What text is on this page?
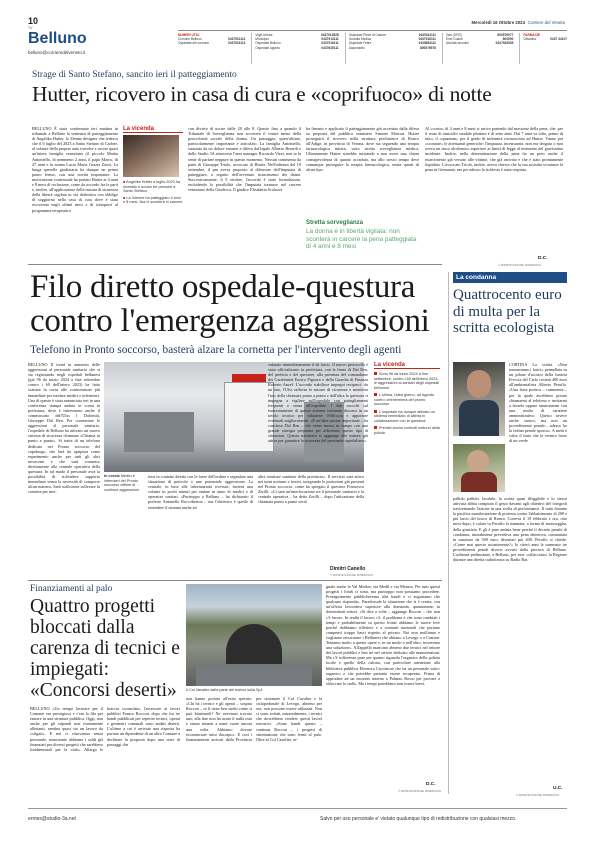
10
TV
Mercoledì 16 Ottobre 2024 Corriere del Veneto
Belluno
belluno@corrieredelveneto.it
NUMERI UTILI
Comune Belluno	0437913111
Ospedale del comune	0437516111
Vigili Urbani	0437913528
Municipio	0437913111
Ospedale Belluno	0437516111
Ospedale Agordo	0437645111
Ospedale Pieve di Cadore	0435341111
Guardia Medica	0437516111
Ospedale Feltre	0439883111
Acquedotto	800576578
Gas (GRS)	800576577
Enel Guasti	803500
Alcolisti anonimi	0437943535
FARMACIE
Cittadina	0437 34107
Strage di Santo Stefano, sancito ieri il patteggiamento
Hutter, ricovero in casa di cura e «coprifuoco» di notte
BELLUNO È stata confermata ieri mattina in tribunale a Belluno la sentenza di patteggiamento di Angelika Hutter, la 33enne designer che tedesca che il 6 luglio del 2023 a Santo Stefano di Cadore, al volante della propria auto travolse e uccise quasi un'intera famiglia veneziana (il piccolo Mattia Antoniello, di nemmeno 2 anni, il papà Marco, di 47 anni e la nonna Lucia Maria Grazia Zuin). La lunga querelle giudiziaria ha dunque un primo punto fermo, con una novità importante. La motivazione contestuale ha portato Hutter ai 4 anni e 8 mesi di reclusione, come da accordo fra le parti e, inoltre, all'applicazione della misura di sicurezza della libertà vigilata in via definitiva con obbligo di soggiorno nella casa di cura dove è stata ricoverata negli ultimi mesi e di sottoporsi al programma terapeutico
La vicenda
■ Angelika Hutter a luglio 2023 ha investito e ucciso tre persone a Santo Stefano
■ La 34enne ha patteggiato 4 anni e 8 mesi. Non li sconterà in carcere
con divieto di uscire dalle 20 alle 8. Questo fino a quando il Tribunale di Sorveglianza non accerterà il venire meno della pericolosità sociale della donna. Un passaggio, quest'ultimo, particolarmente importante e articolato. La famiglia Antoniello, straziata da un dolore enorme e difesa dal legale Alberto Berardi e dallo Studio 3A attraverso l'area manager Riccardo Vizzi, non se la sente di parlare neppure in questo momento. Nessun commento da parte di Giuseppe Triolo, avvocato di Hutter. Nell'udienza del 10 settembre, il pm aveva proposto al difensore dell'imputata di patteggiare, a seguito dell'avvenuto risarcimento dei danni. Successivamente, il 9 ottobre, l'accordo è stato formalizzato, escludendo la possibilità che l'imputata tornasse nel carcere veneziano della Giudecca. Il giudice Elisabetta Scolozzi
ha firmato e applicato il patteggiamento già accettato dalla difesa su proposta del pubblico ministero Simone Marcon. Hutter proseguirà il ricovero nella struttura psichiatrica di Ronco all'Adige, in provincia di Verona, dove sta seguendo una terapia farmacologica mirata, sotto stretta sorveglianza medica. Ultimamente Hutter starebbe iniziando a non avere una chiara consapevolezza di quanto accaduto, ma allo stesso tempo deve comunque proseguire la terapia farmacologica, senza quarti di alcun tipo.
Strettа sorveglianza
La donna è in libertà vigilata: non sconterà in carcere la pena patteggiata di 4 anni e 8 mesi
Al «conto» di 4 anni e 8 mesi si arriva partendo dal massimo della pena, che, per il reato di omicidio stradale plurimo è di sette anni. Dai 7 anni va tolto, primo di tutto, il «quantum» per il grado di infermità riconosciuto ad Hutter. Vanno poi «scontate» le attenuanti generiche: l'imputata, incensurata, non era drogata o non aveva un tasso alcolemico superiore ai limiti di legge al momento del gravissimo incidente. Inoltre, nella determinazione della pena ha un peso anche il risarcimento già versato alle vittime, che già arrivato e che è stato prontamente liquidato. L'avvocato Triolo, inoltre, aveva chiesto che la sua assistita scontasse la pena in Germania, ma per adesso la richiesta è stata respinta.
D.C.
© RIPRODUZIONE RISERVATA
Filo diretto ospedale-questura
contro l'emergenza aggressioni
Telefono in Pronto soccorso, basterà alzare la cornetta per l'intervento degli agenti
BELLUNO Il trend in aumento delle aggressioni al personale sanitario che si sta registrando negli ospedali bellunesi (già 96 da inizio 2024 a fine settembre contro i 69 dell'intero 2023) ha fatto scattare la corsa alle contromisure più immediate per tutelare medici e infermieri. Una di queste è stata annunciata ieri in una conferenza stampa andata in scena in prefettura, dove è intervenuto anche il commissario dell'Ulss 1 Dolomiti, Giuseppe Dal Ben. Per contrastare le aggressioni al personale sanitario, l'ospedale di Belluno ha attivato un nuovo sistema di sicurezza chiamato «Chiama tu punto a punto». Si tratta di un telefono dedicato nel Pronto soccorso del capoluogo, che farà da apripista come esperimento anche per tutti gli altri nosocomi e che sarà connesso direttamente alla centrale operativa della questura. In tal modo il personale avrà la possibilità di richiedere supporto immediato senza la necessità di comporre alcun numero. Sarà sufficiente sollevare la cornetta per met-
In corsia Medici e infermieri del Pronto soccorso vittime di continue aggressioni
tersi in contatto diretto con le forze dell'ordine e segnalare una situazione di pericolo o una potenziale aggressione. La centrale, in base alle informazioni ricevute, invierà una volante in pochi minuti per andare in aiuto di medici e di operatori sanitari. «Purtroppo a Belluno – ha dichiarato il prefetto Antonello Roccoberton – ma l'obiettivo è quello di estendere il sistema anche ad
altre strutture sanitarie della provincia». Il servizio sarà attivo nei turni notturni e festivi, integrando le protezioni già presenti nel Pronto soccorso, come ha spiegato il questore Francesco Zerilli: «Ci sarà un'interlocuzione tra il personale sanitario e la centrale operativa – ha detto Zerilli – dopo l'attivazione della chiamata punto a punto verrà
valutato immediatamente il da farsi». Il nuovo protocollo è stato ufficializzato in prefettura, con la firma di Dal Ben, del prefetto e del questore, alla presenza del comandante dei Carabinieri Enrico Pigozzo e della Guardia di Finanza Roberto Anzel. L'accordo stabilisce impegni reciproci: da un lato, l'Ulss rafforza le misure di sicurezza e monitora l'uso della chiamata punto a punto e dall'altra la questura si impegna a vigilare sull'ospedale con pattugliamenti frequenti e senza all'ospedale. I dati raccolti sul funzionamento di questo sistema verranno discussi in un tavolo tecnico per valutarne l'efficacia e apportare eventuali miglioramenti. «È un'altra azione importante – ha concluso Dal Ben – che viene messa in campo con una grande sinergia preparata per affrontare questo tipo di situazioni. Questa iniziativa si aggiunge alle misure già attive per garantire la sicurezza del personale ospedaliero».
La vicenda
Sono 96 da inizio 2024 a fine settembre, contro i 69 dell'intero 2023, le aggressioni ai sanitari degli ospedali bellunesi
L'ultima, l'altra giorno, ad Agordo contro un'infermiera del pronto soccorso
L'ospedale ha dunque attivato un sistema immediato di allerta in collaborazione con la questura
Previsti anche controlli notturni della polizia
Dimitri Canello
© RIPRODUZIONE RISERVATA
Finanziamenti al palo
Quattro progetti bloccati dalla carenza di tecnici e impiegati: «Concorsi deserti»
BELLUNO «Un tempo lavorare per il Comune era prestigioso e c'era la fila per entrare in una struttura pubblica. Oggi, non anche per gli stipendi non esattamente allettanti, sembra quasi sia un lavoro da «sfigati». E noi ci ritroviamo senza personale, nonostante abbiamo i soldi già finanziati per diversi progetti che sarebbero fondamentali per la città». Allarga le braccia sconsolato, l'assessore ai lavori pubblici Franco Roccon, dopo che fra tre bandi pubblicati per reperire tecnici, operai e geometri comunali sono andati deserti. L'ultimo a cui è arrivato una risposta ha portato un dipendente di un altro Comune a declinare la proposta dopo una serie di passaggi che
Il Col Vavalier dalla parte del traforo sulla Sp1
non hanno portato all'esito sperato: «Chi ha i tecnici e gli operai – sospira Roccon – se li tiene ben stretti come si può biasimarli? Ne avevamo trovato uno, alla fine non ha avuto il nulla osta e siamo rimasti a mani vuote ancora una volta. Abbiamo dovuto ricominciare tutto daccapo». E così i finanziamenti arrivati dalla Provincia per sistemare il Col Cavalier e la ciclopedonale di Levego, almeno per ora, non possono essere utilizzati. Non ci sono, infatti, materialmente, i tecnici che dovrebbero rendere questi lavori esecutivi. «Sono bandi questo – continua Roccon – i progetti di sistemazione che sono fermi al palo. Oltre al Col Cavalier, se-
gnalo anche la Val Medon, via Medil e via Meassa. Per tutti questi progetti i fondi ci sono, ma purtroppo non possiamo procedere. Proseguimento pubblicheremo altri bandi e ci auguriamo che qualcuno risponda». Paradossale la situazione che si è creata, con un'offerta lavorativa superiore alla domanda, quantomeno in determinati settori. «Si dice a volte – aggiunge Roccon – che non c'è lavoro. In realtà il lavoro c'è, il problema è che sono cambiati i tempi e probabilmente su questo fronte abbiamo le nuove leve perché dobbiamo riflettere e a contratti nazionali che portano compensi troppo bassi rispetto al privato. Noi non molliamo e vogliamo rassicurare i Bellunesi che abitano a Levego o a Castion. Teniamo molto a queste opere e, in un modo o nell'altro, troveremo una soluzione». All'appello mancano almeno due tecnici nel settore dei lavori pubblici e ben tre nel settore dedicato alle manutenzioni. Ma c'è sofferenza pure per quanto riguarda l'organico della polizia locale e quello della cultura, con particolare attenzione alla biblioteca pubblica Eleonora Cacciatore che ha un personale sotto-organico e che potrebbe pertanto essere recuperato. Prima di approdare ad un incontro interno a Palazzo Rosso per provare a sbloccare lo stallo. Ma i tempi potrebbero non essere brevi.
D.C.
© RIPRODUZIONE RISERVATA
La condanna
Quattrocento euro di multa per la scritta ecologista
CORTINA La scritta «Non tomneranno i larici» pennellata su un pilone d'acciaio della funivia Freccia del Cielo costerà 400 euro all'ambientalista Alberto Peruffo. «Una frase poetica – commenta – per la quale avrebbero potuto chiamarmi al telefono e invitarmi a lavarla oppure sanzionarmi con una multa di carattere amministrativo. Questo invece anche stanco, ma non un procedimento penale... adesso ho la fedina penale sporca». A metà e valso il furto che la vernice fosse di un verde
pallido pallido, lavabile, la scritta quasi illeggibile e lo stesso attivista abbia compiuto il gesto davanti agli obiettivi del fotografi trasformando l'azione in una scelta di performance. Il tutto durante la pacifica manifestazione di protesta contro l'abbattimento di 200 e più larici del bosco di Ronco. Correva il 19 febbraio e ora, otto mesi dopo, è calata su Peruffo la mannaia, a forma di motoseggha, della giustizia. E gli è pure andata bene perché il decreto penale di condanna, inizialmente prevedeva una pena detentiva, commutata in sanzione da 500 euro, diventati poi 400. Peruffo si chiede: «Come mai questo accanimento?» Io citerò anni la sommato tre procedimenti penali diversi avviati dalla procura di Belluno. L'udienza preliminare, a Belluno, per aver «sfilacciato» la Regione durante una diretta radiofonica su Radio Rai.
U.C.
© RIPRODUZIONE RISERVATA
ermes@studio-3a.net	Salvo per uso personale e' vietato qualunque tipo di redistribuzione con qualsiasi mezzo.
